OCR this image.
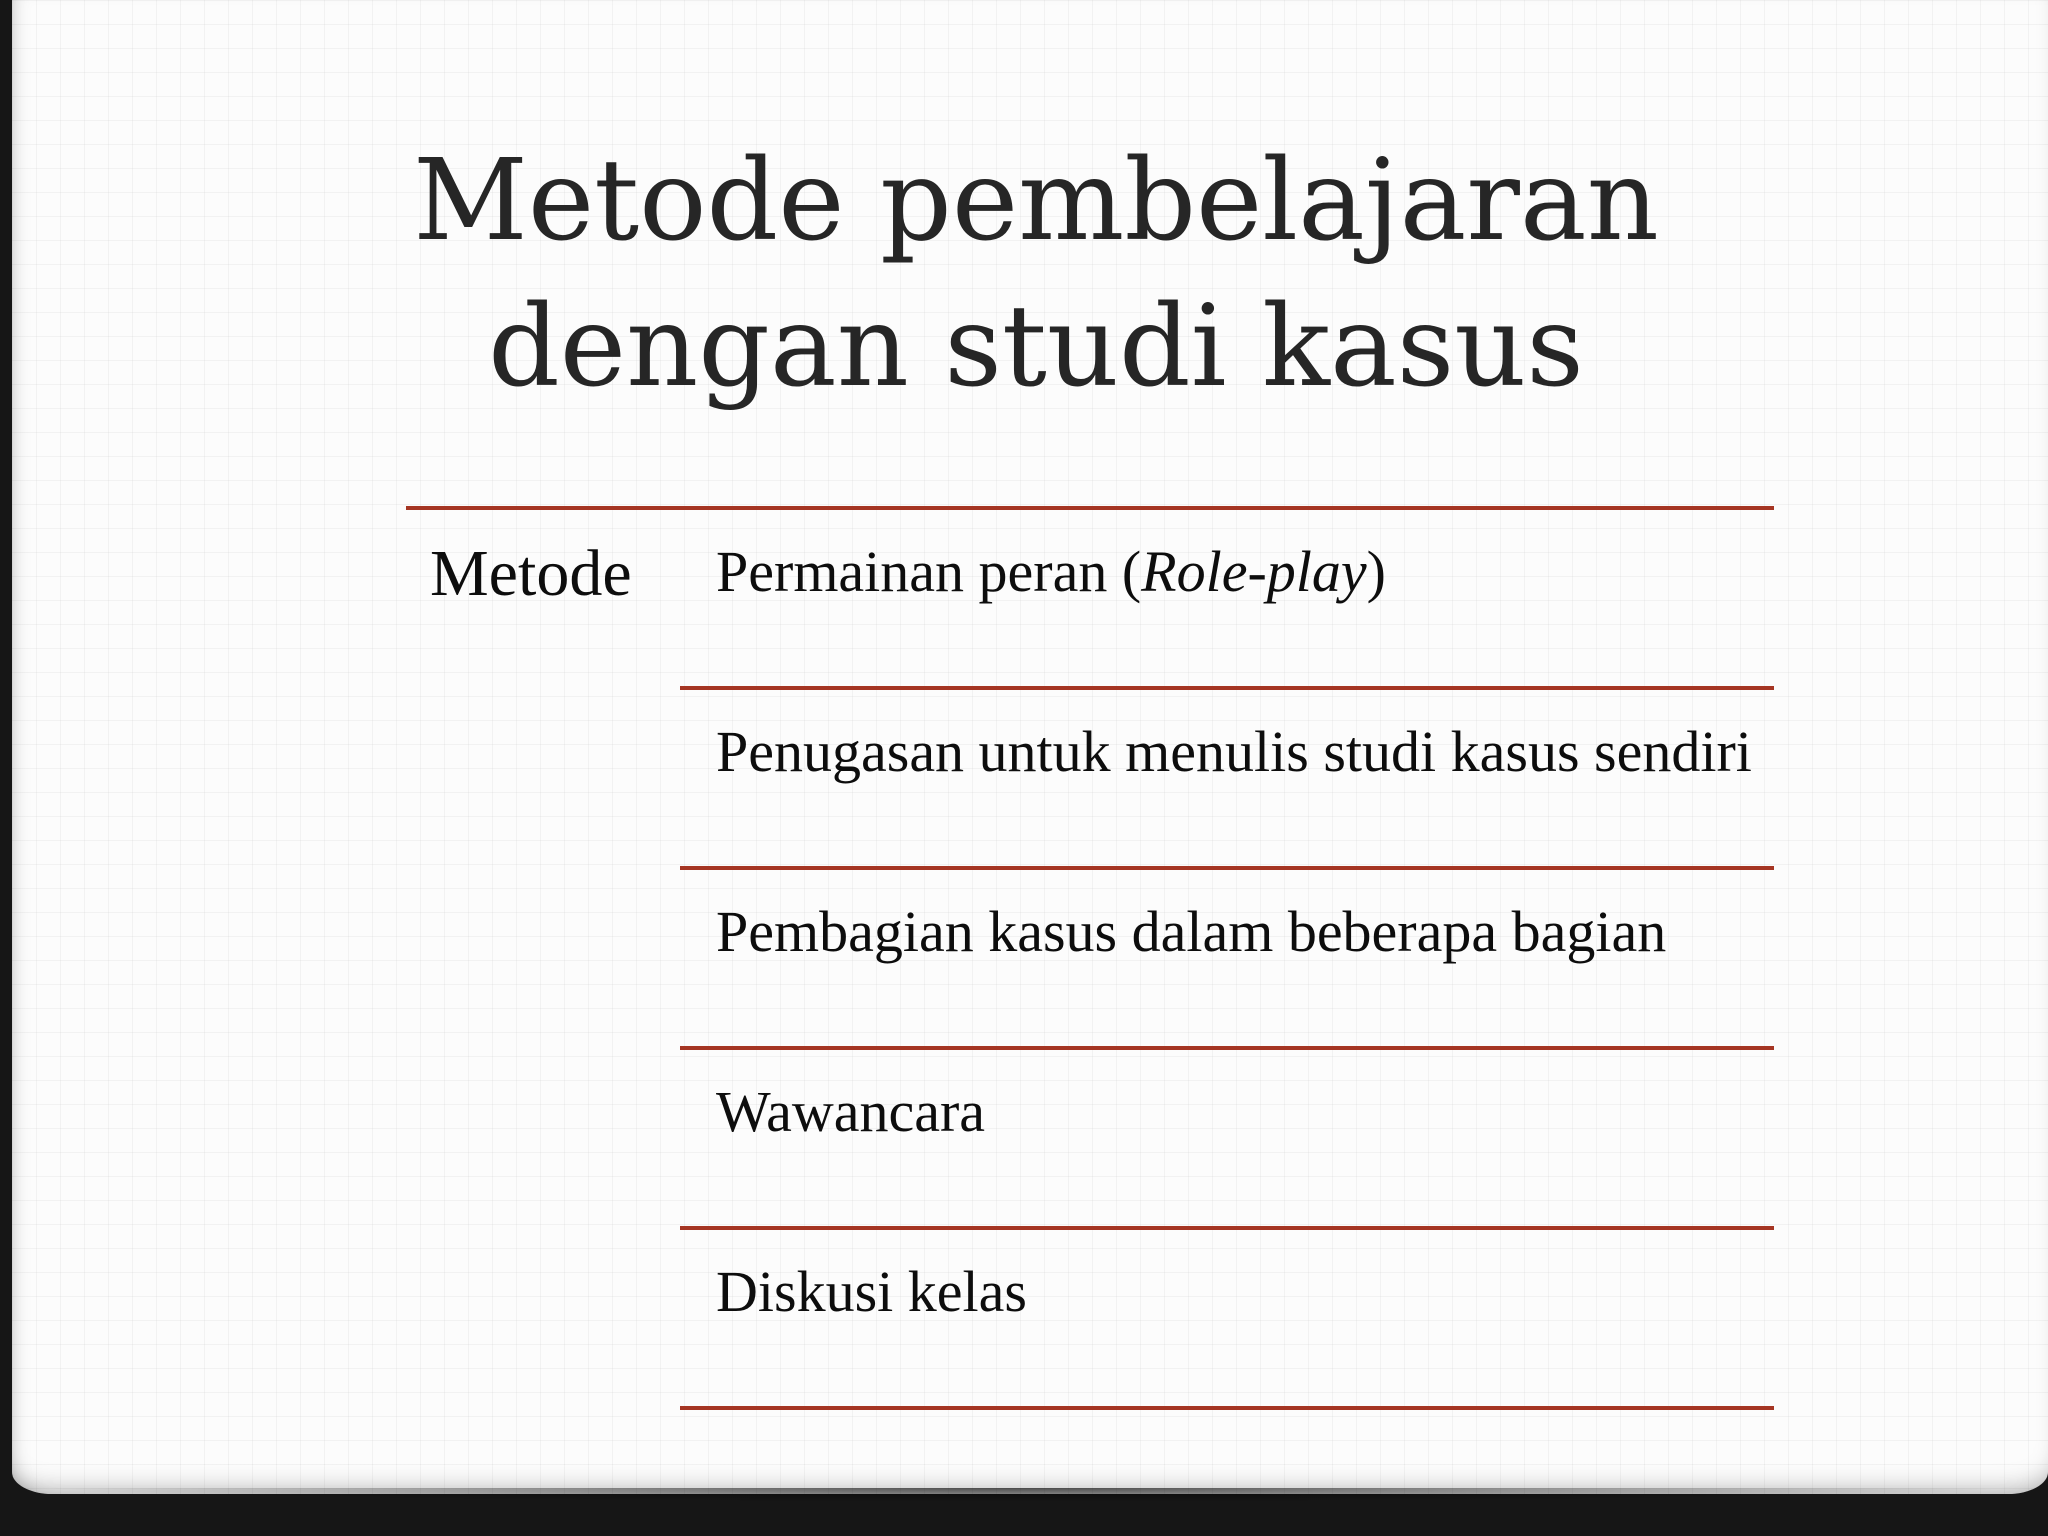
Metode pembelajaran dengan studi kasus
Metode Permainan peran (Role-play)
Penugasan untuk menulis studi kasus sendiri
Pembagian kasus dalam beberapa bagian
Wawancara
Diskusi kelas
